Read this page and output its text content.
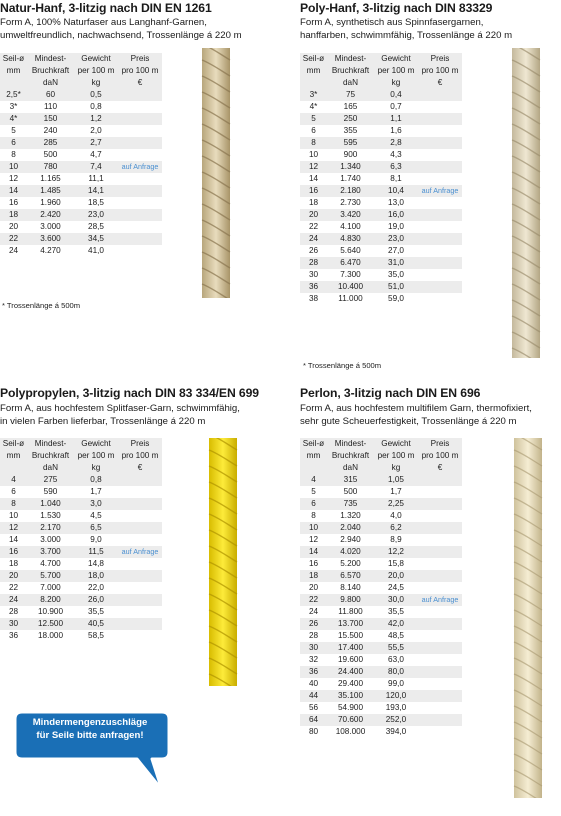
Natur-Hanf, 3-litzig nach DIN EN 1261
Form A, 100% Naturfaser aus Langhanf-Garnen,
umweltfreundlich, nachwachsend, Trossenlänge á 220 m
Seil-ø	Mindest-	Gewicht	Preis
mm	Bruchkraft	per 100 m	pro 100 m
	daN	kg	€
2,5*	60	0,5	
3*	110	0,8	
4*	150	1,2	
5	240	2,0	
6	285	2,7	
8	500	4,7	
10	780	7,4	auf Anfrage
12	1.165	11,1	
14	1.485	14,1	
16	1.960	18,5	
18	2.420	23,0	
20	3.000	28,5	
22	3.600	34,5	
24	4.270	41,0	
* Trossenlänge á 500m
Poly-Hanf, 3-litzig nach DIN 83329
Form A, synthetisch aus Spinnfasergarnen,
hanffarben, schwimmfähig, Trossenlänge á 220 m
Seil-ø	Mindest-	Gewicht	Preis
mm	Bruchkraft	per 100 m	pro 100 m
	daN	kg	€
3*	75	0,4	
4*	165	0,7	
5	250	1,1	
6	355	1,6	
8	595	2,8	
10	900	4,3	
12	1.340	6,3	
14	1.740	8,1	
16	2.180	10,4	auf Anfrage
18	2.730	13,0	
20	3.420	16,0	
22	4.100	19,0	
24	4.830	23,0	
26	5.640	27,0	
28	6.470	31,0	
30	7.300	35,0	
36	10.400	51,0	
38	11.000	59,0	
* Trossenlänge á 500m
Polypropylen, 3-litzig nach DIN 83 334/EN 699
Form A, aus hochfestem Splitfaser-Garn, schwimmfähig,
in vielen Farben lieferbar, Trossenlänge á 220 m
Seil-ø	Mindest-	Gewicht	Preis
mm	Bruchkraft	per 100 m	pro 100 m
	daN	kg	€
4	275	0,8	
6	590	1,7	
8	1.040	3,0	
10	1.530	4,5	
12	2.170	6,5	
14	3.000	9,0	
16	3.700	11,5	auf Anfrage
18	4.700	14,8	
20	5.700	18,0	
22	7.000	22,0	
24	8.200	26,0	
28	10.900	35,5	
30	12.500	40,5	
36	18.000	58,5	
Perlon, 3-litzig nach DIN EN 696
Form A, aus hochfestem multifilem Garn, thermofixiert,
sehr gute Scheuerfestigkeit, Trossenlänge á 220 m
Seil-ø	Mindest-	Gewicht	Preis
mm	Bruchkraft	per 100 m	pro 100 m
	daN	kg	€
4	315	1,05	
5	500	1,7	
6	735	2,25	
8	1.320	4,0	
10	2.040	6,2	
12	2.940	8,9	
14	4.020	12,2	
16	5.200	15,8	
18	6.570	20,0	
20	8.140	24,5	
22	9.800	30,0	auf Anfrage
24	11.800	35,5	
26	13.700	42,0	
28	15.500	48,5	
30	17.400	55,5	
32	19.600	63,0	
36	24.400	80,0	
40	29.400	99,0	
44	35.100	120,0	
56	54.900	193,0	
64	70.600	252,0	
80	108.000	394,0	
Mindermengenzuschläge
für Seile bitte anfragen!
